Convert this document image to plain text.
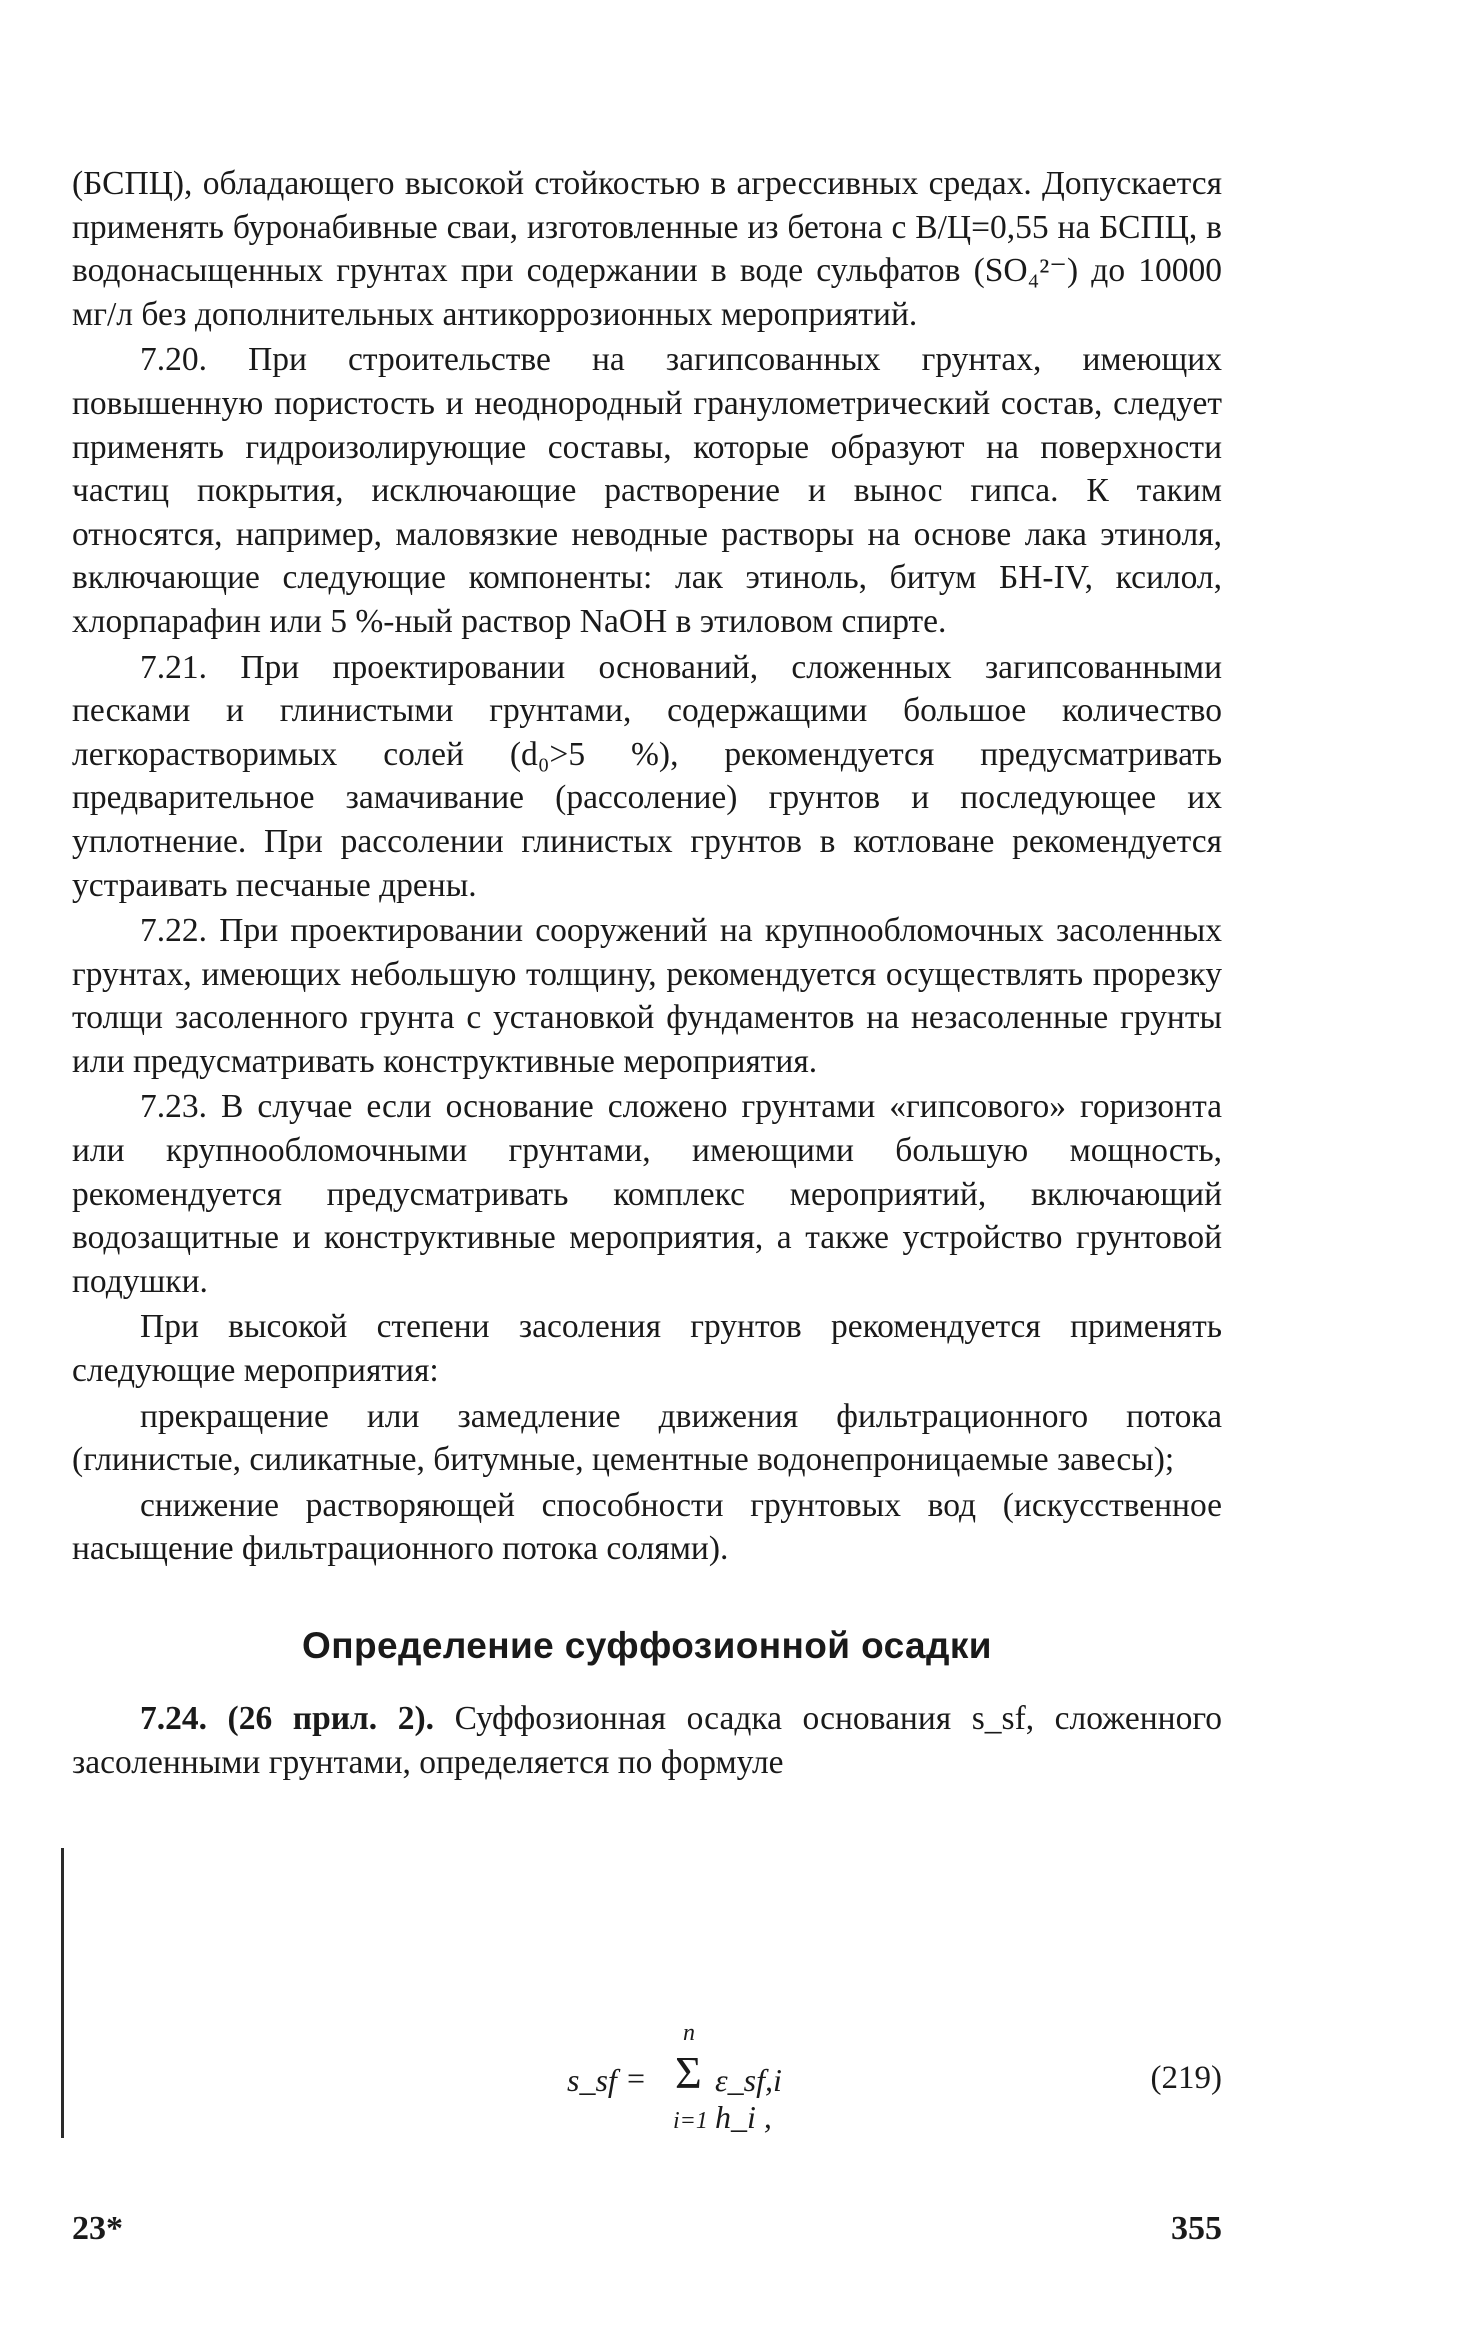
(БСПЦ), обладающего высокой стойкостью в агрессивных средах. Допускается применять буронабивные сваи, изготовленные из бетона с В/Ц=0,55 на БСПЦ, в водонасыщенных грунтах при содержании в воде сульфатов (SO₄²⁻) до 10000 мг/л без дополнительных антикоррозионных мероприятий.

7.20. При строительстве на загипсованных грунтах, имеющих повышенную пористость и неоднородный гранулометрический состав, следует применять гидроизолирующие составы, которые образуют на поверхности частиц покрытия, исключающие растворение и вынос гипса. К таким относятся, например, маловязкие неводные растворы на основе лака этиноля, включающие следующие компоненты: лак этиноль, битум БН-IV, ксилол, хлорпарафин или 5 %-ный раствор NaOH в этиловом спирте.

7.21. При проектировании оснований, сложенных загипсованными песками и глинистыми грунтами, содержащими большое количество легкорастворимых солей (d₀>5 %), рекомендуется предусматривать предварительное замачивание (рассоление) грунтов и последующее их уплотнение. При рассолении глинистых грунтов в котловане рекомендуется устраивать песчаные дрены.

7.22. При проектировании сооружений на крупнообломочных засоленных грунтах, имеющих небольшую толщину, рекомендуется осуществлять прорезку толщи засоленного грунта с установкой фундаментов на незасоленные грунты или предусматривать конструктивные мероприятия.

7.23. В случае если основание сложено грунтами «гипсового» горизонта или крупнообломочными грунтами, имеющими большую мощность, рекомендуется предусматривать комплекс мероприятий, включающий водозащитные и конструктивные мероприятия, а также устройство грунтовой подушки.

При высокой степени засоления грунтов рекомендуется применять следующие мероприятия:

прекращение или замедление движения фильтрационного потока (глинистые, силикатные, битумные, цементные водонепроницаемые завесы);

снижение растворяющей способности грунтовых вод (искусственное насыщение фильтрационного потока солями).

Определение суффозионной осадки

7.24. (26 прил. 2). Суффозионная осадка основания s_sf, сложенного засоленными грунтами, определяется по формуле

s_sf =
n
Σ
i=1
ε_sf,i h_i ,
(219)
23*	355
